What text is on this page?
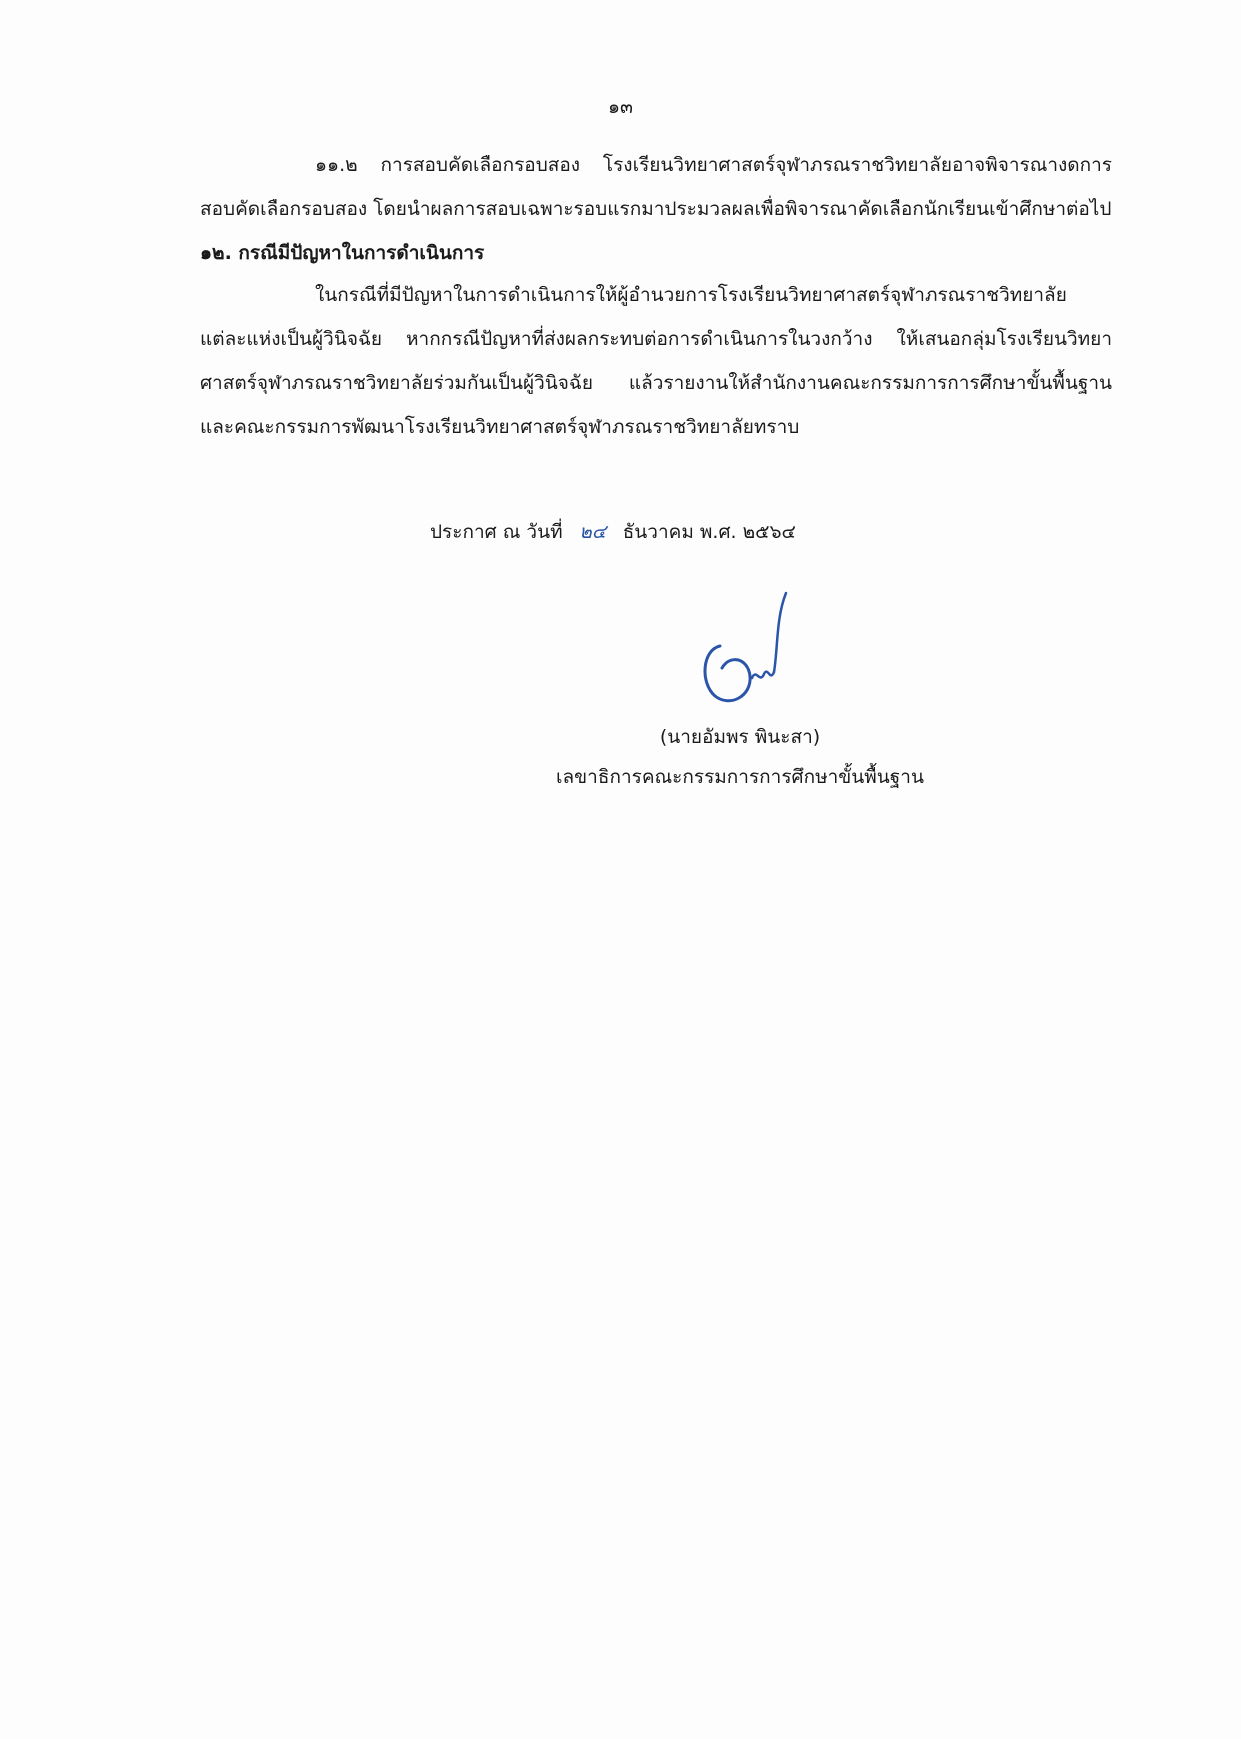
๑๓

๑๑.๒ การสอบคัดเลือกรอบสอง โรงเรียนวิทยาศาสตร์จุฬาภรณราชวิทยาลัยอาจพิจารณางดการสอบคัดเลือกรอบสอง โดยนำผลการสอบเฉพาะรอบแรกมาประมวลผลเพื่อพิจารณาคัดเลือกนักเรียนเข้าศึกษาต่อไป

๑๒. กรณีมีปัญหาในการดำเนินการ

ในกรณีที่มีปัญหาในการดำเนินการให้ผู้อำนวยการโรงเรียนวิทยาศาสตร์จุฬาภรณราชวิทยาลัยแต่ละแห่งเป็นผู้วินิจฉัย หากกรณีปัญหาที่ส่งผลกระทบต่อการดำเนินการในวงกว้าง ให้เสนอกลุ่มโรงเรียนวิทยาศาสตร์จุฬาภรณราชวิทยาลัยร่วมกันเป็นผู้วินิจฉัย แล้วรายงานให้สำนักงานคณะกรรมการการศึกษาขั้นพื้นฐาน และคณะกรรมการพัฒนาโรงเรียนวิทยาศาสตร์จุฬาภรณราชวิทยาลัยทราบ

ประกาศ ณ วันที่ ๒๔ ธันวาคม พ.ศ. ๒๕๖๔
(นายอัมพร พินะสา)
เลขาธิการคณะกรรมการการศึกษาขั้นพื้นฐาน
